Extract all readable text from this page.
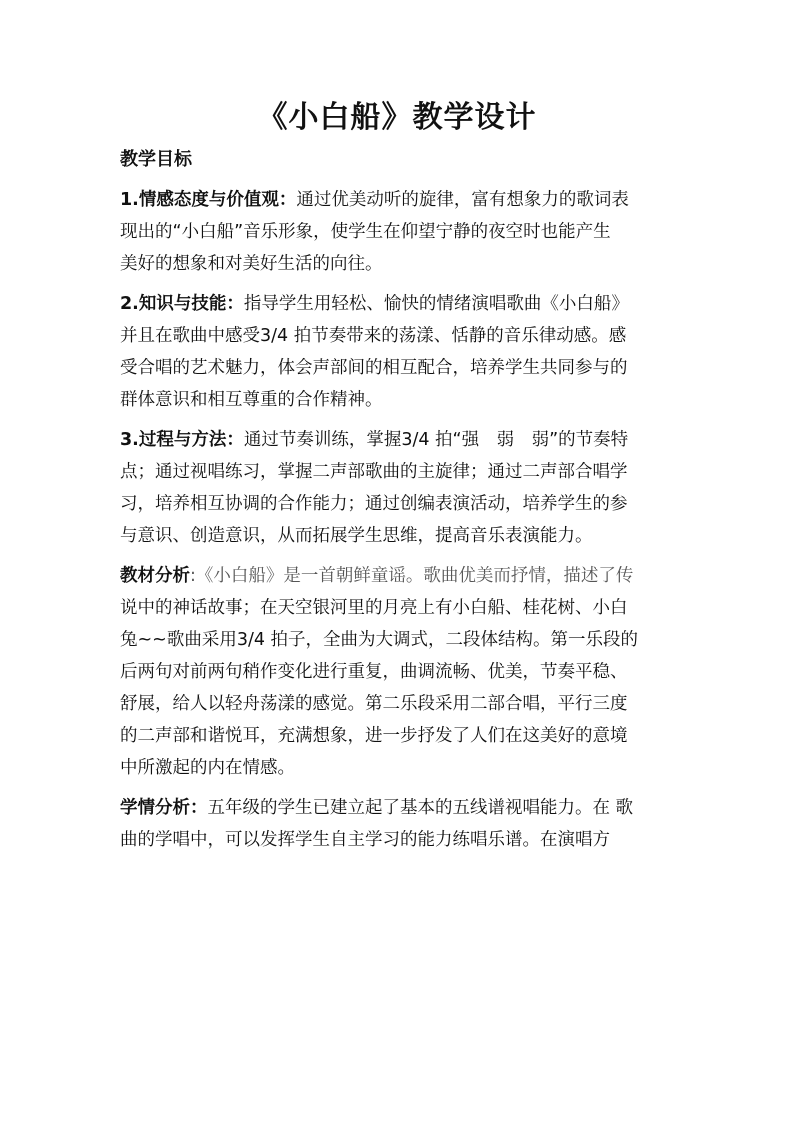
《小白船》教学设计
教学目标
1.情感态度与价值观：通过优美动听的旋律，富有想象力的歌词表
现出的“小白船”音乐形象，使学生在仰望宁静的夜空时也能产生
美好的想象和对美好生活的向往。
2.知识与技能：指导学生用轻松、愉快的情绪演唱歌曲《小白船》
并且在歌曲中感受3/4 拍节奏带来的荡漾、恬静的音乐律动感。感
受合唱的艺术魅力，体会声部间的相互配合，培养学生共同参与的
群体意识和相互尊重的合作精神。
3.过程与方法：通过节奏训练，掌握3/4 拍“强　弱　弱”的节奏特
点；通过视唱练习，掌握二声部歌曲的主旋律；通过二声部合唱学
习，培养相互协调的合作能力；通过创编表演活动，培养学生的参
与意识、创造意识，从而拓展学生思维，提高音乐表演能力。
教材分析:《小白船》是一首朝鲜童谣。歌曲优美而抒情，描述了传
说中的神话故事；在天空银河里的月亮上有小白船、桂花树、小白
兔~~歌曲采用3/4 拍子，全曲为大调式，二段体结构。第一乐段的
后两句对前两句稍作变化进行重复，曲调流畅、优美，节奏平稳、
舒展，给人以轻舟荡漾的感觉。第二乐段采用二部合唱，平行三度
的二声部和谐悦耳，充满想象，进一步抒发了人们在这美好的意境
中所激起的内在情感。
学情分析：五年级的学生已建立起了基本的五线谱视唱能力。在 歌
曲的学唱中，可以发挥学生自主学习的能力练唱乐谱。在演唱方
